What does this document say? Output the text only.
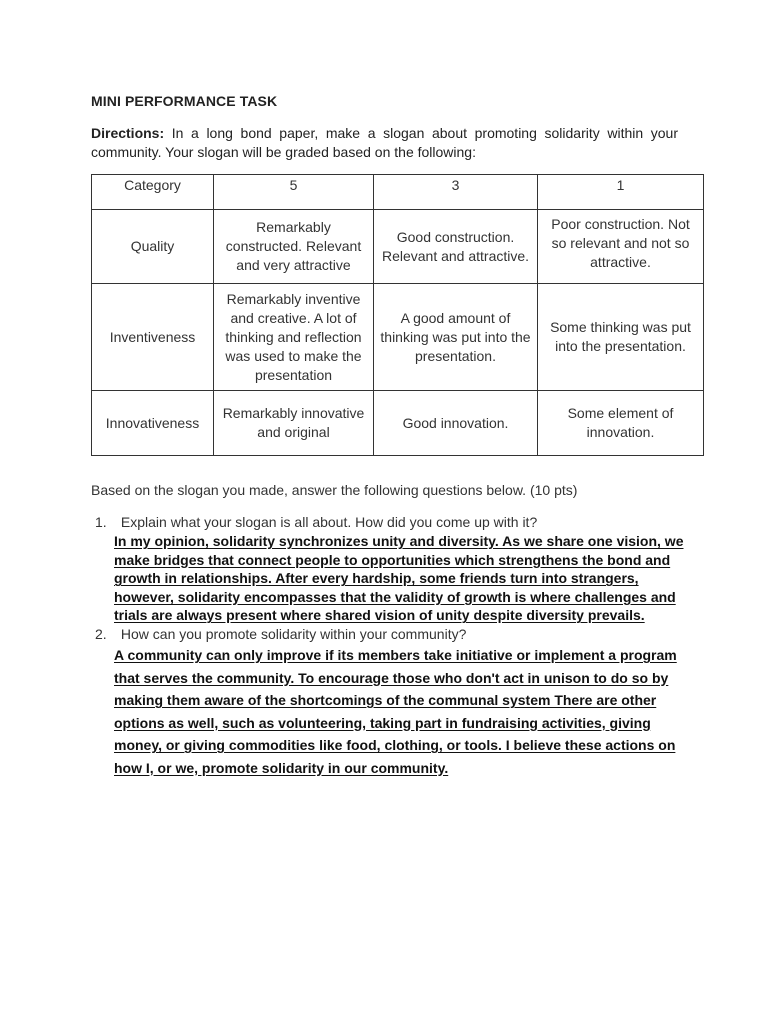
MINI PERFORMANCE TASK
Directions: In a long bond paper, make a slogan about promoting solidarity within your community. Your slogan will be graded based on the following:
Category	5	3	1
Quality	Remarkably constructed. Relevant and very attractive	Good construction. Relevant and attractive.	Poor construction. Not so relevant and not so attractive.
Inventiveness	Remarkably inventive and creative. A lot of thinking and reflection was used to make the presentation	A good amount of thinking was put into the presentation.	Some thinking was put into the presentation.
Innovativeness	Remarkably innovative and original	Good innovation.	Some element of innovation.
Based on the slogan you made, answer the following questions below. (10 pts)
1. Explain what your slogan is all about. How did you come up with it?
In my opinion, solidarity synchronizes unity and diversity. As we share one vision, we
make bridges that connect people to opportunities which strengthens the bond and
growth in relationships. After every hardship, some friends turn into strangers,
however, solidarity encompasses that the validity of growth is where challenges and
trials are always present where shared vision of unity despite diversity prevails.
2. How can you promote solidarity within your community?
A community can only improve if its members take initiative or implement a program
that serves the community. To encourage those who don't act in unison to do so by
making them aware of the shortcomings of the communal system There are other
options as well, such as volunteering, taking part in fundraising activities, giving
money, or giving commodities like food, clothing, or tools. I believe these actions on
how I, or we, promote solidarity in our community.
